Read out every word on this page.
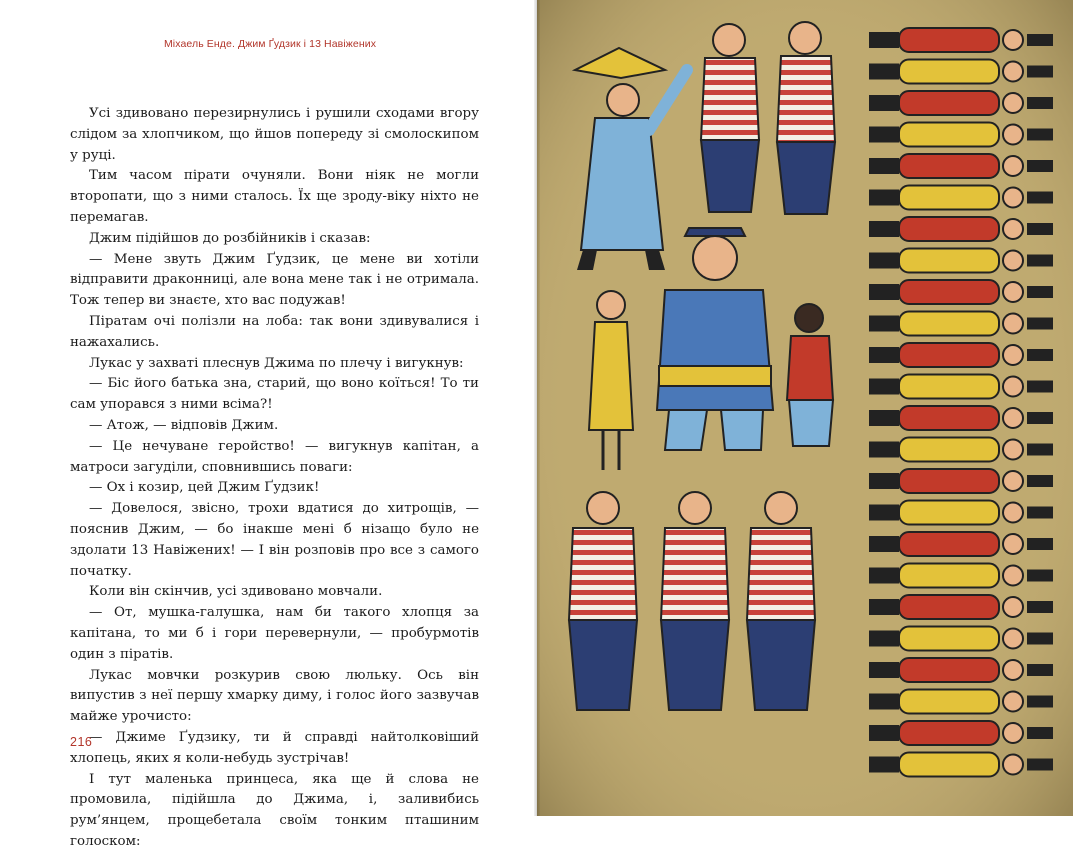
Міхаель Енде. Джим Ґудзик і 13 Навіжених

Усі здивовано перезирнулись і рушили сходами вгору слідом за хлопчиком, що йшов попереду зі смолоскипом у руці.

Тим часом пірати очуняли. Вони ніяк не могли второпати, що з ними сталось. Їх ще зроду-віку ніхто не перемагав.

Джим підійшов до розбійників і сказав:

— Мене звуть Джим Ґудзик, це мене ви хотіли відправити драконниці, але вона мене так і не отримала. Тож тепер ви знаєте, хто вас подужав!

Піратам очі полізли на лоба: так вони здивувалися і нажахались.

Лукас у захваті плеснув Джима по плечу і вигукнув:

— Біс його батька зна, старий, що воно коїться! То ти сам упорався з ними всіма?!

— Атож, — відповів Джим.

— Це нечуване геройство! — вигукнув капітан, а матроси загуділи, сповнившись поваги:

— Ох і козир, цей Джим Ґудзик!

— Довелося, звісно, трохи вдатися до хитрощів, — пояснив Джим, — бо інакше мені б нізащо було не здолати 13 Навіжених! — І він розповів про все з самого початку.

Коли він скінчив, усі здивовано мовчали.

— От, мушка-галушка, нам би такого хлопця за капітана, то ми б і гори перевернули, — пробурмотів один з піратів.

Лукас мовчки розкурив свою люльку. Ось він випустив з неї першу хмарку диму, і голос його зазвучав майже урочисто:

— Джиме Ґудзику, ти й справді найтолковіший хлопець, яких я коли-небудь зустрічав!

І тут маленька принцеса, яка ще й слова не промовила, підійшла до Джима, і, заливибись рум’янцем, прощебетала своїм тонким пташиним голоском:

216
